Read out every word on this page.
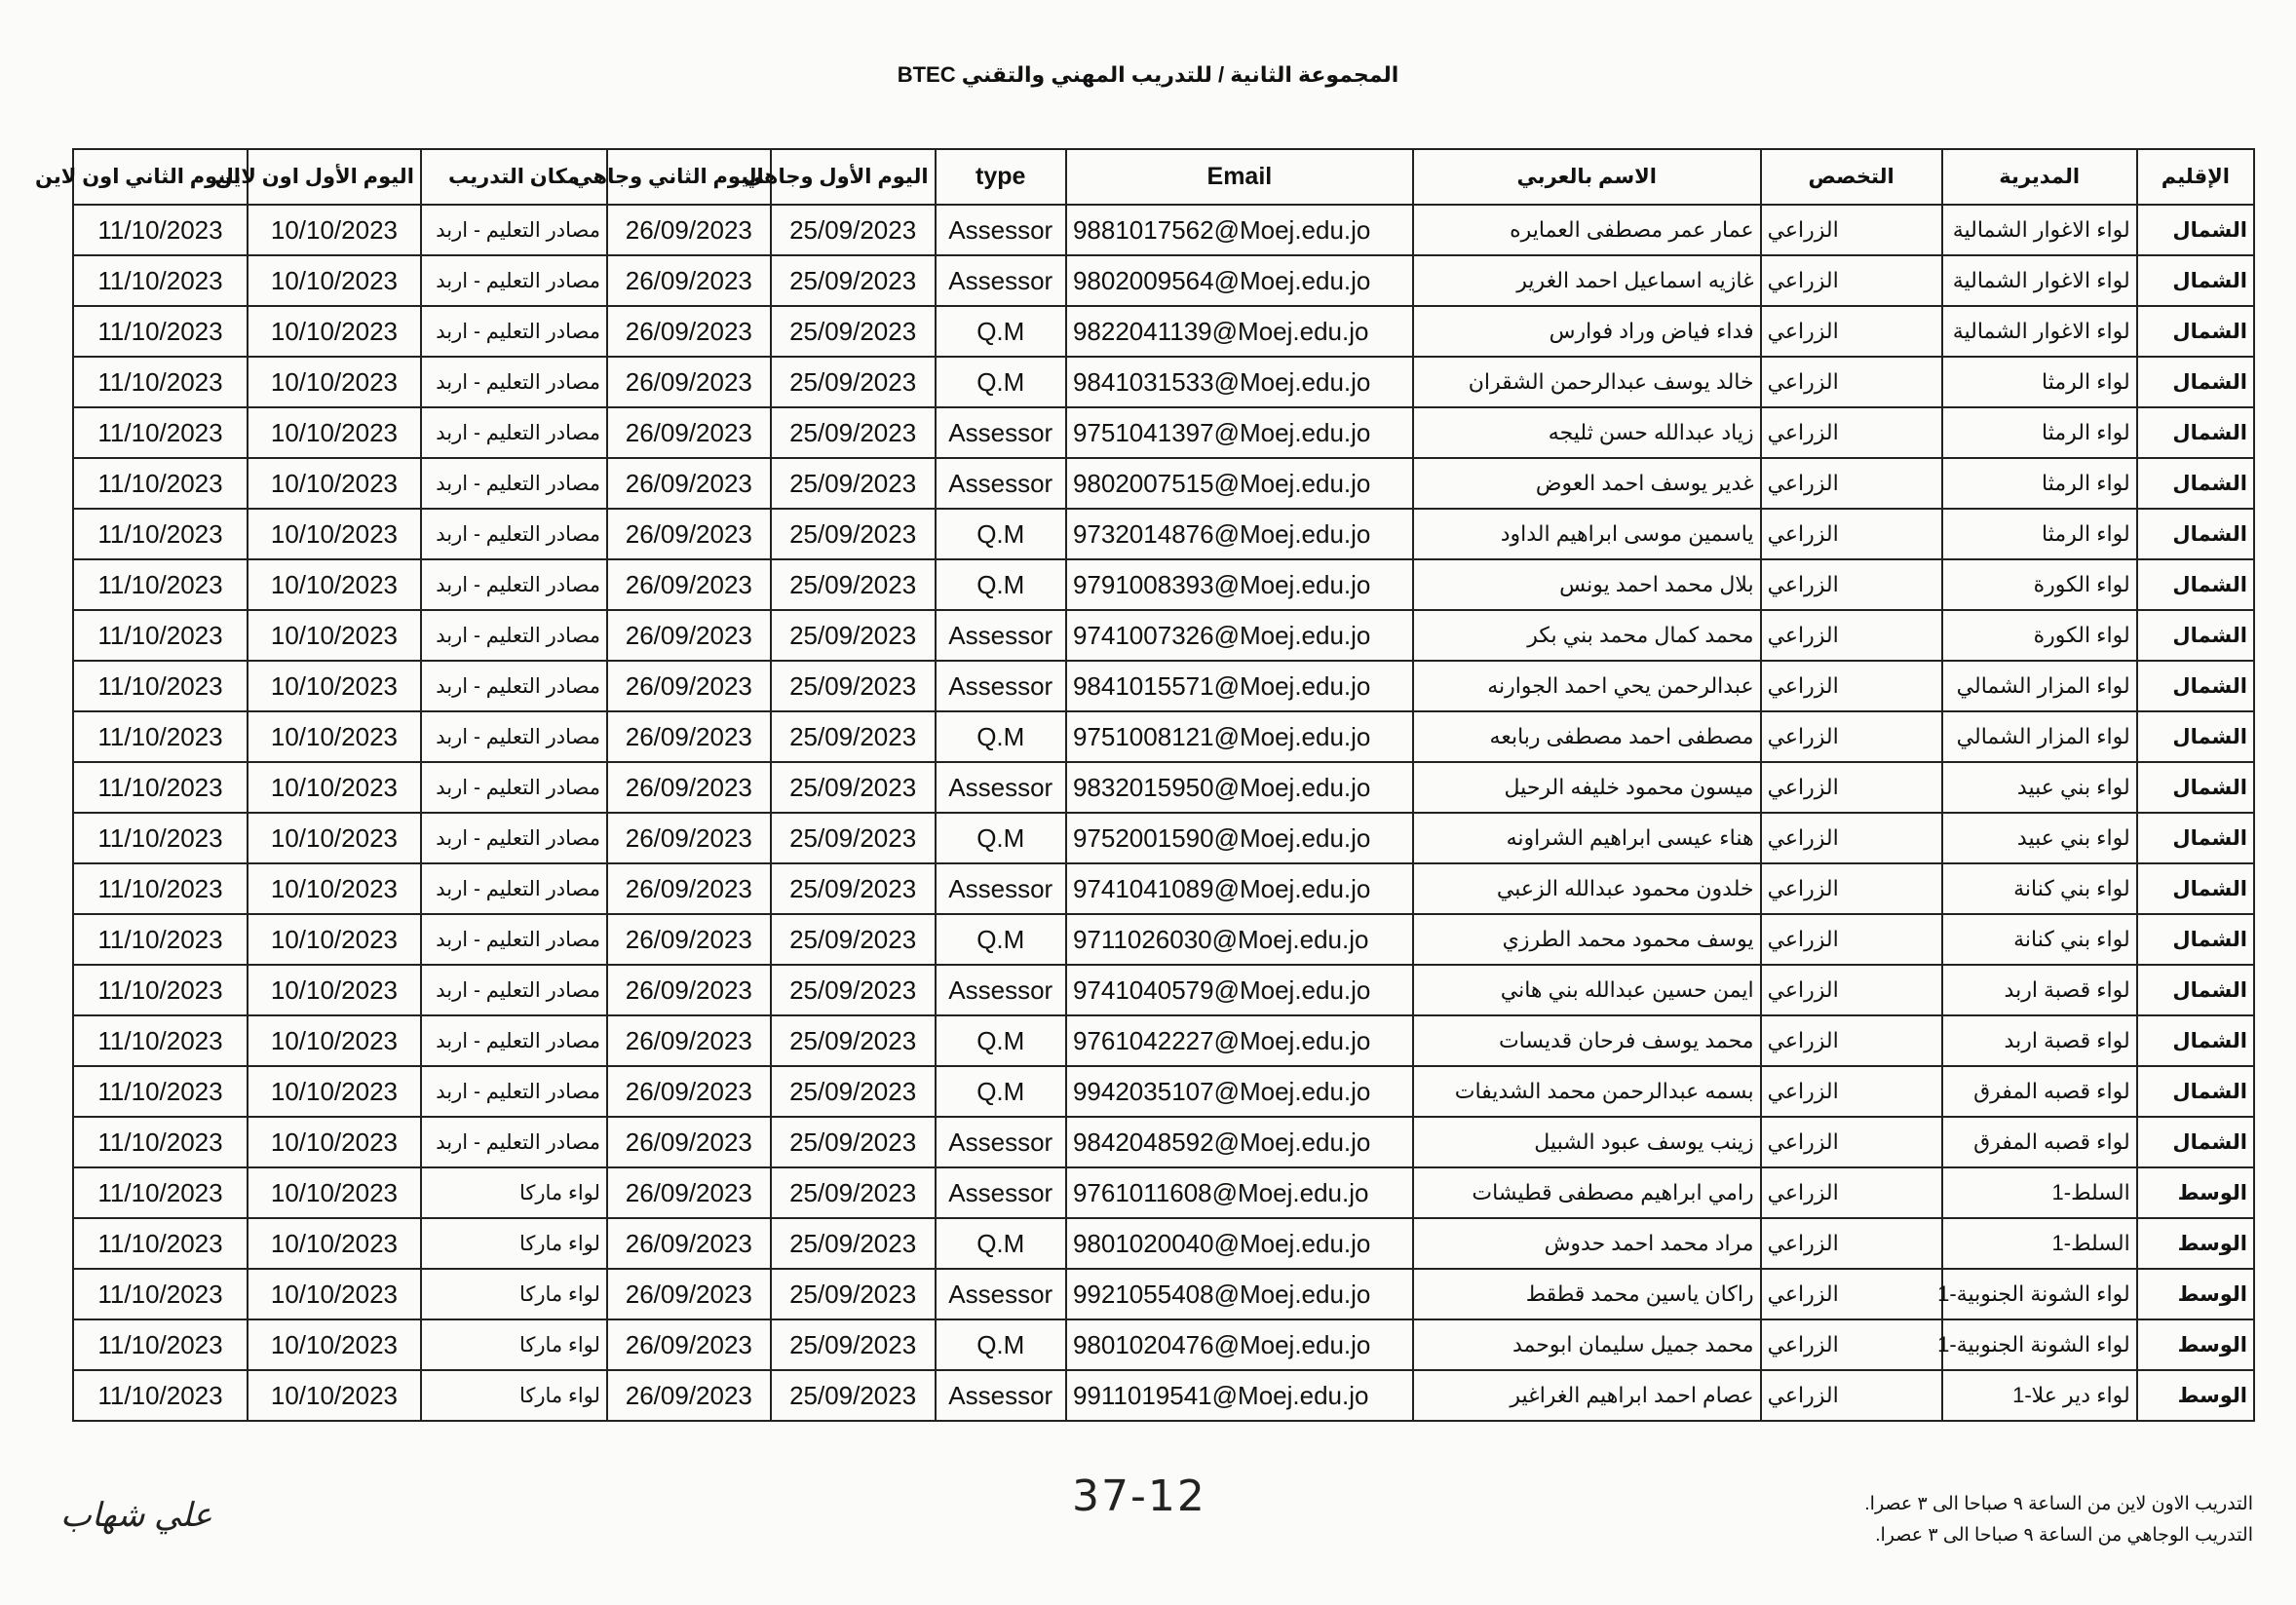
المجموعة الثانية / للتدريب المهني والتقني BTEC
الإقليم	المديرية	التخصص	الاسم بالعربي	Email	type	اليوم الأول وجاهي	اليوم الثاني وجاهي	مكان التدريب	اليوم الأول اون لاين	اليوم الثاني اون لاين
الشمال	لواء الاغوار الشمالية	الزراعي	عمار عمر مصطفى العمايره	9881017562@Moej.edu.jo	Assessor	25/09/2023	26/09/2023	مصادر التعليم - اربد	10/10/2023	11/10/2023
الشمال	لواء الاغوار الشمالية	الزراعي	غازيه اسماعيل احمد الغرير	9802009564@Moej.edu.jo	Assessor	25/09/2023	26/09/2023	مصادر التعليم - اربد	10/10/2023	11/10/2023
الشمال	لواء الاغوار الشمالية	الزراعي	فداء فياض وراد فوارس	9822041139@Moej.edu.jo	Q.M	25/09/2023	26/09/2023	مصادر التعليم - اربد	10/10/2023	11/10/2023
الشمال	لواء الرمثا	الزراعي	خالد يوسف عبدالرحمن الشقران	9841031533@Moej.edu.jo	Q.M	25/09/2023	26/09/2023	مصادر التعليم - اربد	10/10/2023	11/10/2023
الشمال	لواء الرمثا	الزراعي	زياد عبدالله حسن ثليجه	9751041397@Moej.edu.jo	Assessor	25/09/2023	26/09/2023	مصادر التعليم - اربد	10/10/2023	11/10/2023
الشمال	لواء الرمثا	الزراعي	غدير يوسف احمد العوض	9802007515@Moej.edu.jo	Assessor	25/09/2023	26/09/2023	مصادر التعليم - اربد	10/10/2023	11/10/2023
الشمال	لواء الرمثا	الزراعي	ياسمين موسى ابراهيم الداود	9732014876@Moej.edu.jo	Q.M	25/09/2023	26/09/2023	مصادر التعليم - اربد	10/10/2023	11/10/2023
الشمال	لواء الكورة	الزراعي	بلال محمد احمد يونس	9791008393@Moej.edu.jo	Q.M	25/09/2023	26/09/2023	مصادر التعليم - اربد	10/10/2023	11/10/2023
الشمال	لواء الكورة	الزراعي	محمد كمال محمد بني بكر	9741007326@Moej.edu.jo	Assessor	25/09/2023	26/09/2023	مصادر التعليم - اربد	10/10/2023	11/10/2023
الشمال	لواء المزار الشمالي	الزراعي	عبدالرحمن يحي احمد الجوارنه	9841015571@Moej.edu.jo	Assessor	25/09/2023	26/09/2023	مصادر التعليم - اربد	10/10/2023	11/10/2023
الشمال	لواء المزار الشمالي	الزراعي	مصطفى احمد مصطفى ربابعه	9751008121@Moej.edu.jo	Q.M	25/09/2023	26/09/2023	مصادر التعليم - اربد	10/10/2023	11/10/2023
الشمال	لواء بني عبيد	الزراعي	ميسون محمود خليفه الرحيل	9832015950@Moej.edu.jo	Assessor	25/09/2023	26/09/2023	مصادر التعليم - اربد	10/10/2023	11/10/2023
الشمال	لواء بني عبيد	الزراعي	هناء عيسى ابراهيم الشراونه	9752001590@Moej.edu.jo	Q.M	25/09/2023	26/09/2023	مصادر التعليم - اربد	10/10/2023	11/10/2023
الشمال	لواء بني كنانة	الزراعي	خلدون محمود عبدالله الزعبي	9741041089@Moej.edu.jo	Assessor	25/09/2023	26/09/2023	مصادر التعليم - اربد	10/10/2023	11/10/2023
الشمال	لواء بني كنانة	الزراعي	يوسف محمود محمد الطرزي	9711026030@Moej.edu.jo	Q.M	25/09/2023	26/09/2023	مصادر التعليم - اربد	10/10/2023	11/10/2023
الشمال	لواء قصبة اربد	الزراعي	ايمن حسين عبدالله بني هاني	9741040579@Moej.edu.jo	Assessor	25/09/2023	26/09/2023	مصادر التعليم - اربد	10/10/2023	11/10/2023
الشمال	لواء قصبة اربد	الزراعي	محمد يوسف فرحان قديسات	9761042227@Moej.edu.jo	Q.M	25/09/2023	26/09/2023	مصادر التعليم - اربد	10/10/2023	11/10/2023
الشمال	لواء قصبه المفرق	الزراعي	بسمه عبدالرحمن محمد الشديفات	9942035107@Moej.edu.jo	Q.M	25/09/2023	26/09/2023	مصادر التعليم - اربد	10/10/2023	11/10/2023
الشمال	لواء قصبه المفرق	الزراعي	زينب يوسف عبود الشبيل	9842048592@Moej.edu.jo	Assessor	25/09/2023	26/09/2023	مصادر التعليم - اربد	10/10/2023	11/10/2023
الوسط	السلط-1	الزراعي	رامي ابراهيم مصطفى قطيشات	9761011608@Moej.edu.jo	Assessor	25/09/2023	26/09/2023	لواء ماركا	10/10/2023	11/10/2023
الوسط	السلط-1	الزراعي	مراد محمد احمد حدوش	9801020040@Moej.edu.jo	Q.M	25/09/2023	26/09/2023	لواء ماركا	10/10/2023	11/10/2023
الوسط	لواء الشونة الجنوبية-1	الزراعي	راكان ياسين محمد قطقط	9921055408@Moej.edu.jo	Assessor	25/09/2023	26/09/2023	لواء ماركا	10/10/2023	11/10/2023
الوسط	لواء الشونة الجنوبية-1	الزراعي	محمد جميل سليمان ابوحمد	9801020476@Moej.edu.jo	Q.M	25/09/2023	26/09/2023	لواء ماركا	10/10/2023	11/10/2023
الوسط	لواء دير علا-1	الزراعي	عصام احمد ابراهيم الغراغير	9911019541@Moej.edu.jo	Assessor	25/09/2023	26/09/2023	لواء ماركا	10/10/2023	11/10/2023
التدريب الاون لاين من الساعة ٩ صباحا الى ٣ عصرا.
التدريب الوجاهي من الساعة ٩ صباحا الى ٣ عصرا.
37-12
علي شهاب
